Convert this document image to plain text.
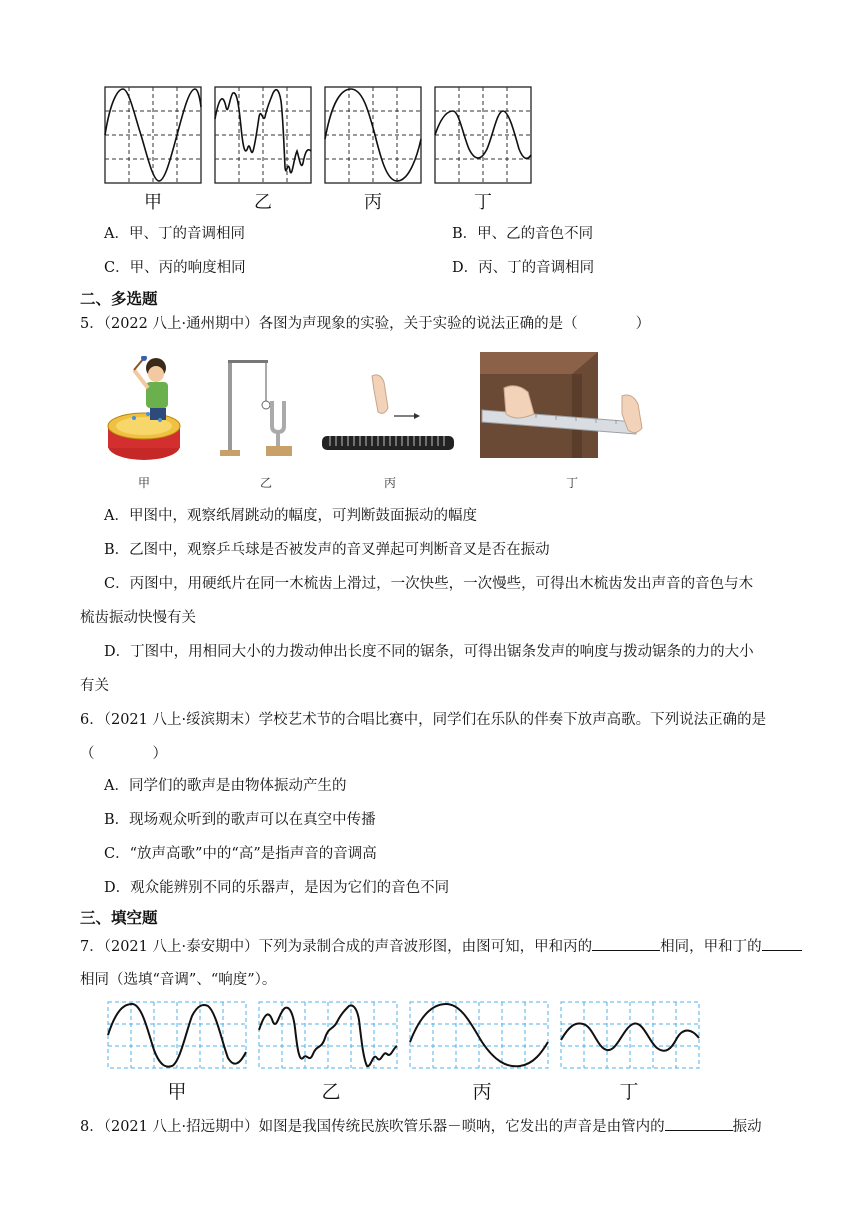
甲	乙	丙	丁
A．甲、丁的音调相同	B．甲、乙的音色不同
C．甲、丙的响度相同	D．丙、丁的音调相同
二、多选题
5．（2022 八上·通州期中）各图为声现象的实验，关于实验的说法正确的是（	）
甲	乙	丙	丁
A．甲图中，观察纸屑跳动的幅度，可判断鼓面振动的幅度
B．乙图中，观察乒乓球是否被发声的音叉弹起可判断音叉是否在振动
C．丙图中，用硬纸片在同一木梳齿上滑过，一次快些，一次慢些，可得出木梳齿发出声音的音色与木
梳齿振动快慢有关
D．丁图中，用相同大小的力拨动伸出长度不同的锯条，可得出锯条发声的响度与拨动锯条的力的大小
有关
6．（2021 八上·绥滨期末）学校艺术节的合唱比赛中，同学们在乐队的伴奏下放声高歌。下列说法正确的是
（	）
A．同学们的歌声是由物体振动产生的
B．现场观众听到的歌声可以在真空中传播
C．“放声高歌”中的“高”是指声音的音调高
D．观众能辨别不同的乐器声，是因为它们的音色不同
三、填空题
7．（2021 八上·泰安期中）下列为录制合成的声音波形图，由图可知，甲和丙的	相同，甲和丁的
相同（选填“音调”、“响度”）。
甲	乙	丙	丁
8．（2021 八上·招远期中）如图是我国传统民族吹管乐器－唢呐，它发出的声音是由管内的	振动
